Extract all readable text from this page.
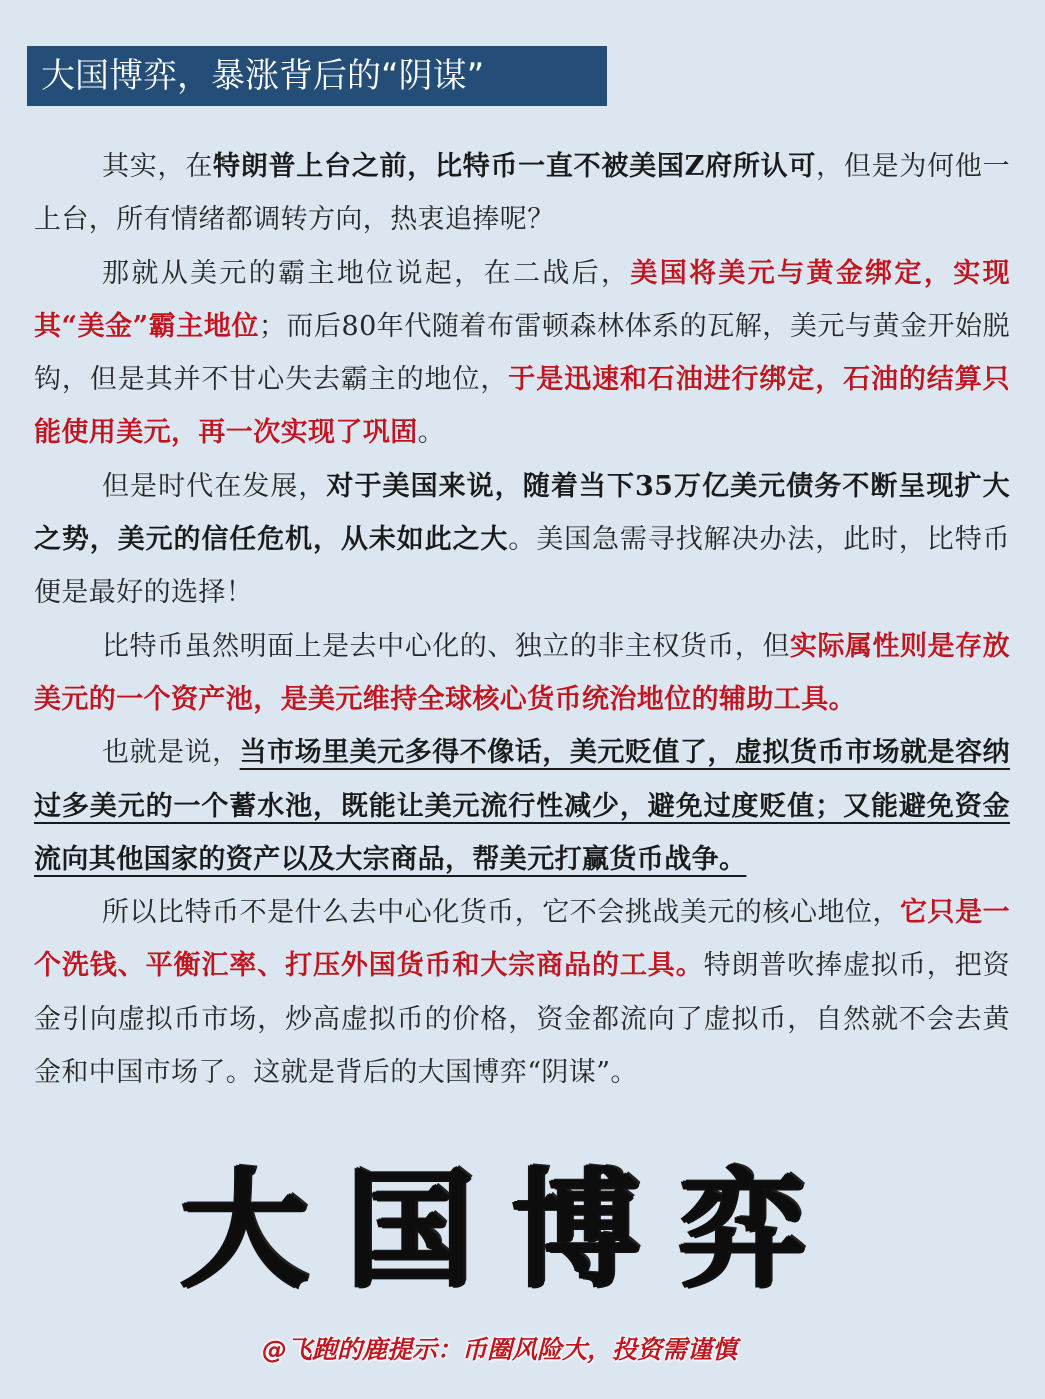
大国博弈，暴涨背后的“阴谋”

其实，在特朗普上台之前，比特币一直不被美国Z府所认可，但是为何他一上台，所有情绪都调转方向，热衷追捧呢？

那就从美元的霸主地位说起，在二战后，美国将美元与黄金绑定，实现其“美金”霸主地位；而后80年代随着布雷顿森林体系的瓦解，美元与黄金开始脱钩，但是其并不甘心失去霸主的地位，于是迅速和石油进行绑定，石油的结算只能使用美元，再一次实现了巩固。

但是时代在发展，对于美国来说，随着当下35万亿美元债务不断呈现扩大之势，美元的信任危机，从未如此之大。美国急需寻找解决办法，此时，比特币便是最好的选择！

比特币虽然明面上是去中心化的、独立的非主权货币，但实际属性则是存放美元的一个资产池，是美元维持全球核心货币统治地位的辅助工具。

也就是说，当市场里美元多得不像话，美元贬值了，虚拟货币市场就是容纳过多美元的一个蓄水池，既能让美元流行性减少，避免过度贬值；又能避免资金流向其他国家的资产以及大宗商品，帮美元打赢货币战争。

所以比特币不是什么去中心化货币，它不会挑战美元的核心地位，它只是一个洗钱、平衡汇率、打压外国货币和大宗商品的工具。特朗普吹捧虚拟币，把资金引向虚拟币市场，炒高虚拟币的价格，资金都流向了虚拟币，自然就不会去黄金和中国市场了。这就是背后的大国博弈“阴谋”。

大国博弈
@飞跑的鹿提示：币圈风险大，投资需谨慎
